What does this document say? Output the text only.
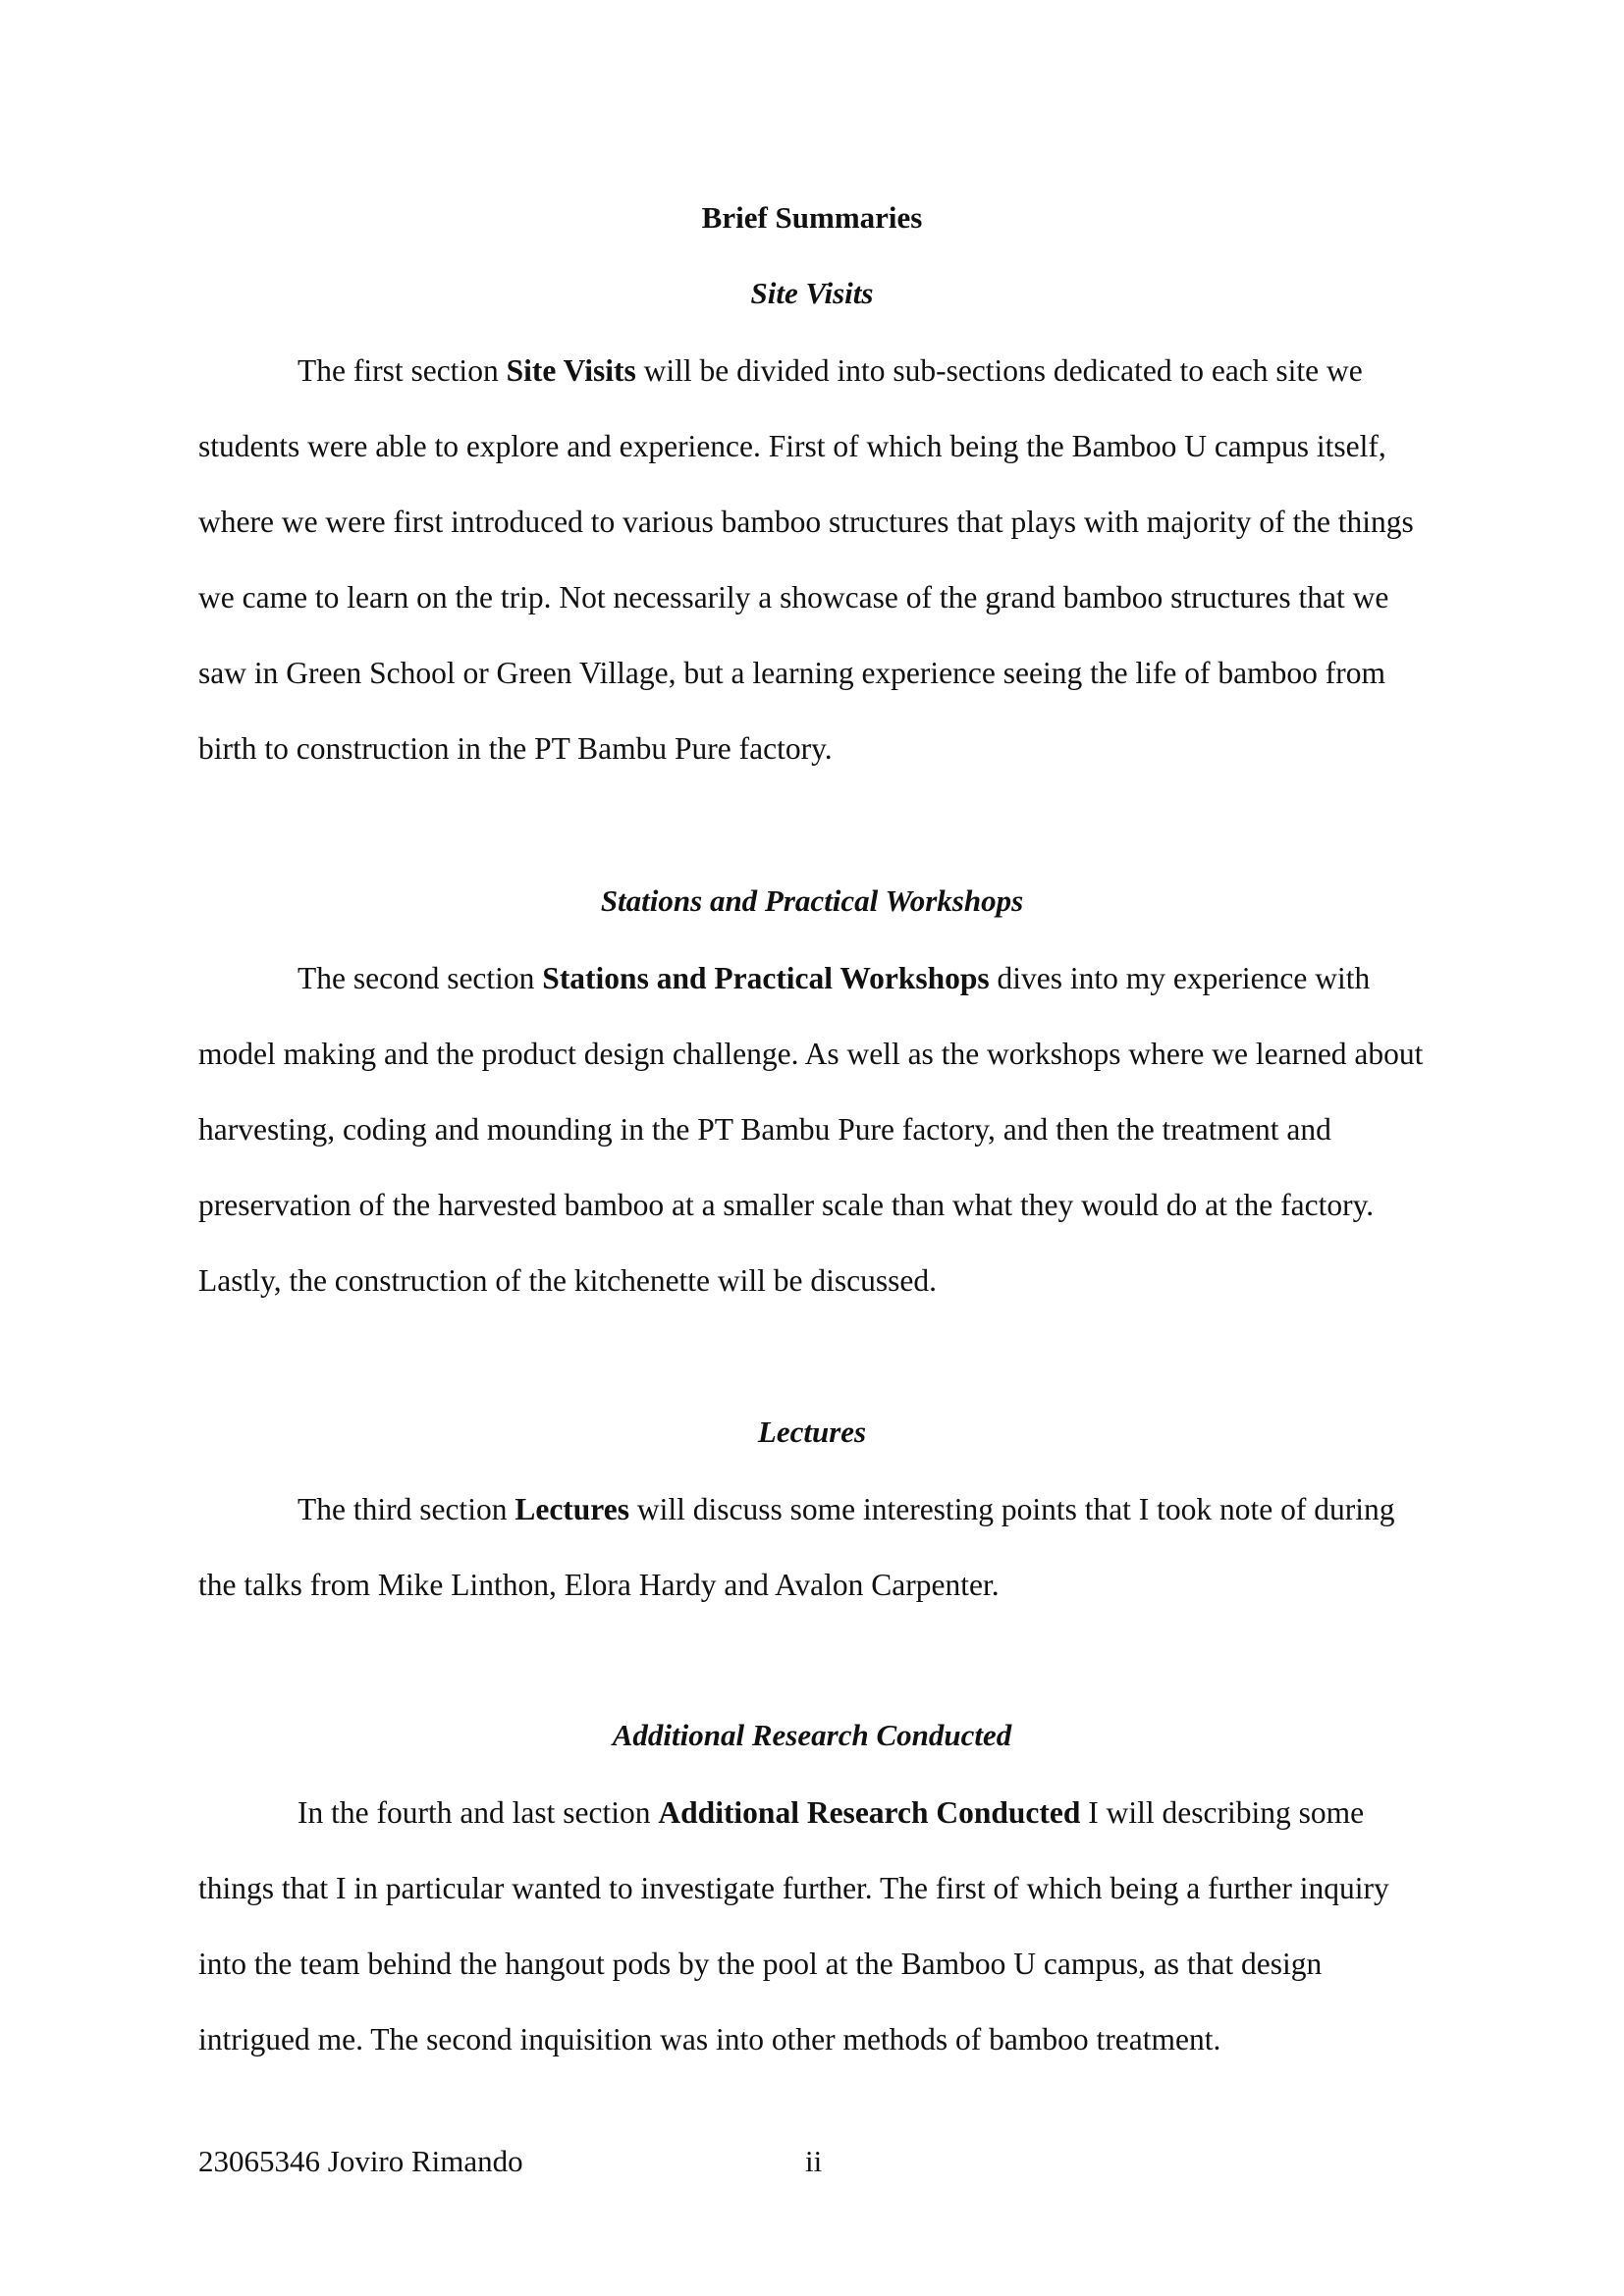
Brief Summaries
Site Visits

The first section Site Visits will be divided into sub-sections dedicated to each site we students were able to explore and experience. First of which being the Bamboo U campus itself, where we were first introduced to various bamboo structures that plays with majority of the things we came to learn on the trip. Not necessarily a showcase of the grand bamboo structures that we saw in Green School or Green Village, but a learning experience seeing the life of bamboo from birth to construction in the PT Bambu Pure factory.

Stations and Practical Workshops

The second section Stations and Practical Workshops dives into my experience with model making and the product design challenge. As well as the workshops where we learned about harvesting, coding and mounding in the PT Bambu Pure factory, and then the treatment and preservation of the harvested bamboo at a smaller scale than what they would do at the factory. Lastly, the construction of the kitchenette will be discussed.

Lectures

The third section Lectures will discuss some interesting points that I took note of during the talks from Mike Linthon, Elora Hardy and Avalon Carpenter.

Additional Research Conducted

In the fourth and last section Additional Research Conducted I will describing some things that I in particular wanted to investigate further. The first of which being a further inquiry into the team behind the hangout pods by the pool at the Bamboo U campus, as that design intrigued me. The second inquisition was into other methods of bamboo treatment.

23065346 Joviro Rimando	ii
